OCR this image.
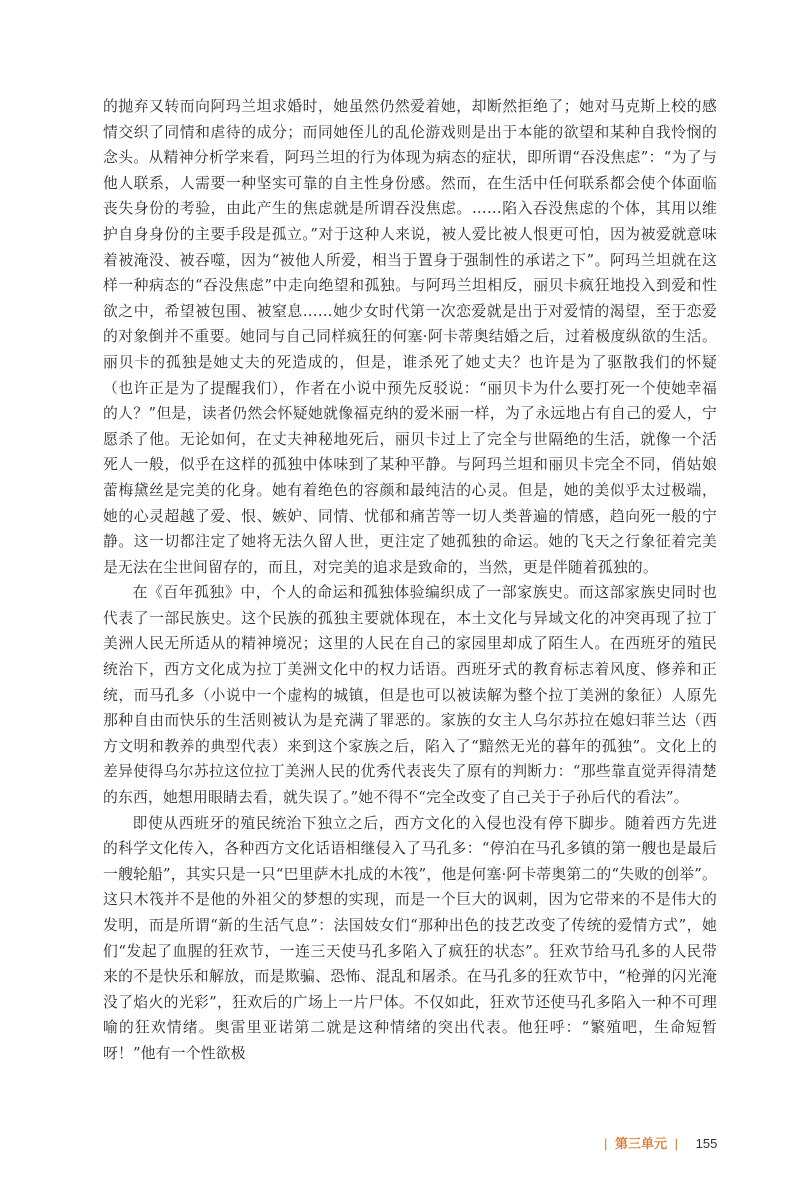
的抛弃又转而向阿玛兰坦求婚时，她虽然仍然爱着她，却断然拒绝了；她对马克斯上校的感情交织了同情和虐待的成分；而同她侄儿的乱伦游戏则是出于本能的欲望和某种自我怜悯的念头。从精神分析学来看，阿玛兰坦的行为体现为病态的症状，即所谓“吞没焦虑”：“为了与他人联系，人需要一种坚实可靠的自主性身份感。然而，在生活中任何联系都会使个体面临丧失身份的考验，由此产生的焦虑就是所谓吞没焦虑。……陷入吞没焦虑的个体，其用以维护自身身份的主要手段是孤立。”对于这种人来说，被人爱比被人恨更可怕，因为被爱就意味着被淹没、被吞噬，因为“被他人所爱，相当于置身于强制性的承诺之下”。阿玛兰坦就在这样一种病态的“吞没焦虑”中走向绝望和孤独。与阿玛兰坦相反，丽贝卡疯狂地投入到爱和性欲之中，希望被包围、被窒息……她少女时代第一次恋爱就是出于对爱情的渴望，至于恋爱的对象倒并不重要。她同与自己同样疯狂的何塞·阿卡蒂奥结婚之后，过着极度纵欲的生活。丽贝卡的孤独是她丈夫的死造成的，但是，谁杀死了她丈夫？也许是为了驱散我们的怀疑（也许正是为了提醒我们），作者在小说中预先反驳说：“丽贝卡为什么要打死一个使她幸福的人？”但是，读者仍然会怀疑她就像福克纳的爱米丽一样，为了永远地占有自己的爱人，宁愿杀了他。无论如何，在丈夫神秘地死后，丽贝卡过上了完全与世隔绝的生活，就像一个活死人一般，似乎在这样的孤独中体味到了某种平静。与阿玛兰坦和丽贝卡完全不同，俏姑娘蕾梅黛丝是完美的化身。她有着绝色的容颜和最纯洁的心灵。但是，她的美似乎太过极端，她的心灵超越了爱、恨、嫉妒、同情、忧郁和痛苦等一切人类普遍的情感，趋向死一般的宁静。这一切都注定了她将无法久留人世，更注定了她孤独的命运。她的飞天之行象征着完美是无法在尘世间留存的，而且，对完美的追求是致命的，当然，更是伴随着孤独的。

在《百年孤独》中，个人的命运和孤独体验编织成了一部家族史。而这部家族史同时也代表了一部民族史。这个民族的孤独主要就体现在，本土文化与异域文化的冲突再现了拉丁美洲人民无所适从的精神境况；这里的人民在自己的家园里却成了陌生人。在西班牙的殖民统治下，西方文化成为拉丁美洲文化中的权力话语。西班牙式的教育标志着风度、修养和正统，而马孔多（小说中一个虚构的城镇，但是也可以被读解为整个拉丁美洲的象征）人原先那种自由而快乐的生活则被认为是充满了罪恶的。家族的女主人乌尔苏拉在媳妇菲兰达（西方文明和教养的典型代表）来到这个家族之后，陷入了“黯然无光的暮年的孤独”。文化上的差异使得乌尔苏拉这位拉丁美洲人民的优秀代表丧失了原有的判断力：“那些靠直觉弄得清楚的东西，她想用眼睛去看，就失误了。”她不得不“完全改变了自己关于子孙后代的看法”。

即使从西班牙的殖民统治下独立之后，西方文化的入侵也没有停下脚步。随着西方先进的科学文化传入，各种西方文化话语相继侵入了马孔多：“停泊在马孔多镇的第一艘也是最后一艘轮船”，其实只是一只“巴里萨木扎成的木筏”，他是何塞·阿卡蒂奥第二的“失败的创举”。这只木筏并不是他的外祖父的梦想的实现，而是一个巨大的讽刺，因为它带来的不是伟大的发明，而是所谓“新的生活气息”：法国妓女们“那种出色的技艺改变了传统的爱情方式”，她们“发起了血腥的狂欢节，一连三天使马孔多陷入了疯狂的状态”。狂欢节给马孔多的人民带来的不是快乐和解放，而是欺骗、恐怖、混乱和屠杀。在马孔多的狂欢节中，“枪弹的闪光淹没了焰火的光彩”，狂欢后的广场上一片尸体。不仅如此，狂欢节还使马孔多陷入一种不可理喻的狂欢情绪。奥雷里亚诺第二就是这种情绪的突出代表。他狂呼：“繁殖吧，生命短暂呀！”他有一个性欲极

| 第三单元 | 155
